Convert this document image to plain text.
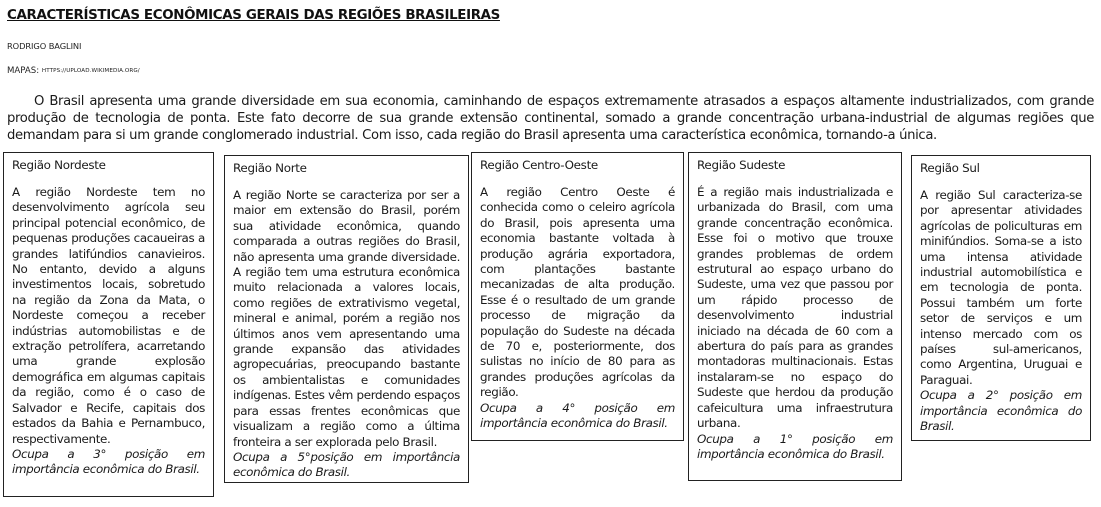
CARACTERÍSTICAS ECONÔMICAS GERAIS DAS REGIÕES BRASILEIRAS
RODRIGO BAGLINI
MAPAS: HTTPS://UPLOAD.WIKIMEDIA.ORG/
O Brasil apresenta uma grande diversidade em sua economia, caminhando de espaços extremamente atrasados a espaços altamente industrializados, com grande produção de tecnologia de ponta. Este fato decorre de sua grande extensão continental, somado a grande concentração urbana-industrial de algumas regiões que demandam para si um grande conglomerado industrial. Com isso, cada região do Brasil apresenta uma característica econômica, tornando-a única.
Região Nordeste
A região Nordeste tem no desenvolvimento agrícola seu principal potencial econômico, de pequenas produções cacaueiras a grandes latifúndios canavieiros. No entanto, devido a alguns investimentos locais, sobretudo na região da Zona da Mata, o Nordeste começou a receber indústrias automobilistas e de extração petrolífera, acarretando uma grande explosão demográfica em algumas capitais da região, como é o caso de Salvador e Recife, capitais dos estados da Bahia e Pernambuco, respectivamente.
Ocupa a 3° posição em importância econômica do Brasil.
Região Norte
A região Norte se caracteriza por ser a maior em extensão do Brasil, porém sua atividade econômica, quando comparada a outras regiões do Brasil, não apresenta uma grande diversidade. A região tem uma estrutura econômica muito relacionada a valores locais, como regiões de extrativismo vegetal, mineral e animal, porém a região nos últimos anos vem apresentando uma grande expansão das atividades agropecuárias, preocupando bastante os ambientalistas e comunidades indígenas. Estes vêm perdendo espaços para essas frentes econômicas que visualizam a região como a última fronteira a ser explorada pelo Brasil.
Ocupa a 5°posição em importância econômica do Brasil.
Região Centro-Oeste
A região Centro Oeste é conhecida como o celeiro agrícola do Brasil, pois apresenta uma economia bastante voltada à produção agrária exportadora, com plantações bastante mecanizadas de alta produção. Esse é o resultado de um grande processo de migração da população do Sudeste na década de 70 e, posteriormente, dos sulistas no início de 80 para as grandes produções agrícolas da região.
Ocupa a 4° posição em importância econômica do Brasil.
Região Sudeste
É a região mais industrializada e urbanizada do Brasil, com uma grande concentração econômica. Esse foi o motivo que trouxe grandes problemas de ordem estrutural ao espaço urbano do Sudeste, uma vez que passou por um rápido processo de desenvolvimento industrial iniciado na década de 60 com a abertura do país para as grandes montadoras multinacionais. Estas instalaram-se no espaço do Sudeste que herdou da produção cafeicultura uma infraestrutura urbana.
Ocupa a 1° posição em importância econômica do Brasil.
Região Sul
A região Sul caracteriza-se por apresentar atividades agrícolas de policulturas em minifúndios. Soma-se a isto uma intensa atividade industrial automobilística e em tecnologia de ponta. Possui também um forte setor de serviços e um intenso mercado com os países sul-americanos, como Argentina, Uruguai e Paraguai.
Ocupa a 2° posição em importância econômica do Brasil.
